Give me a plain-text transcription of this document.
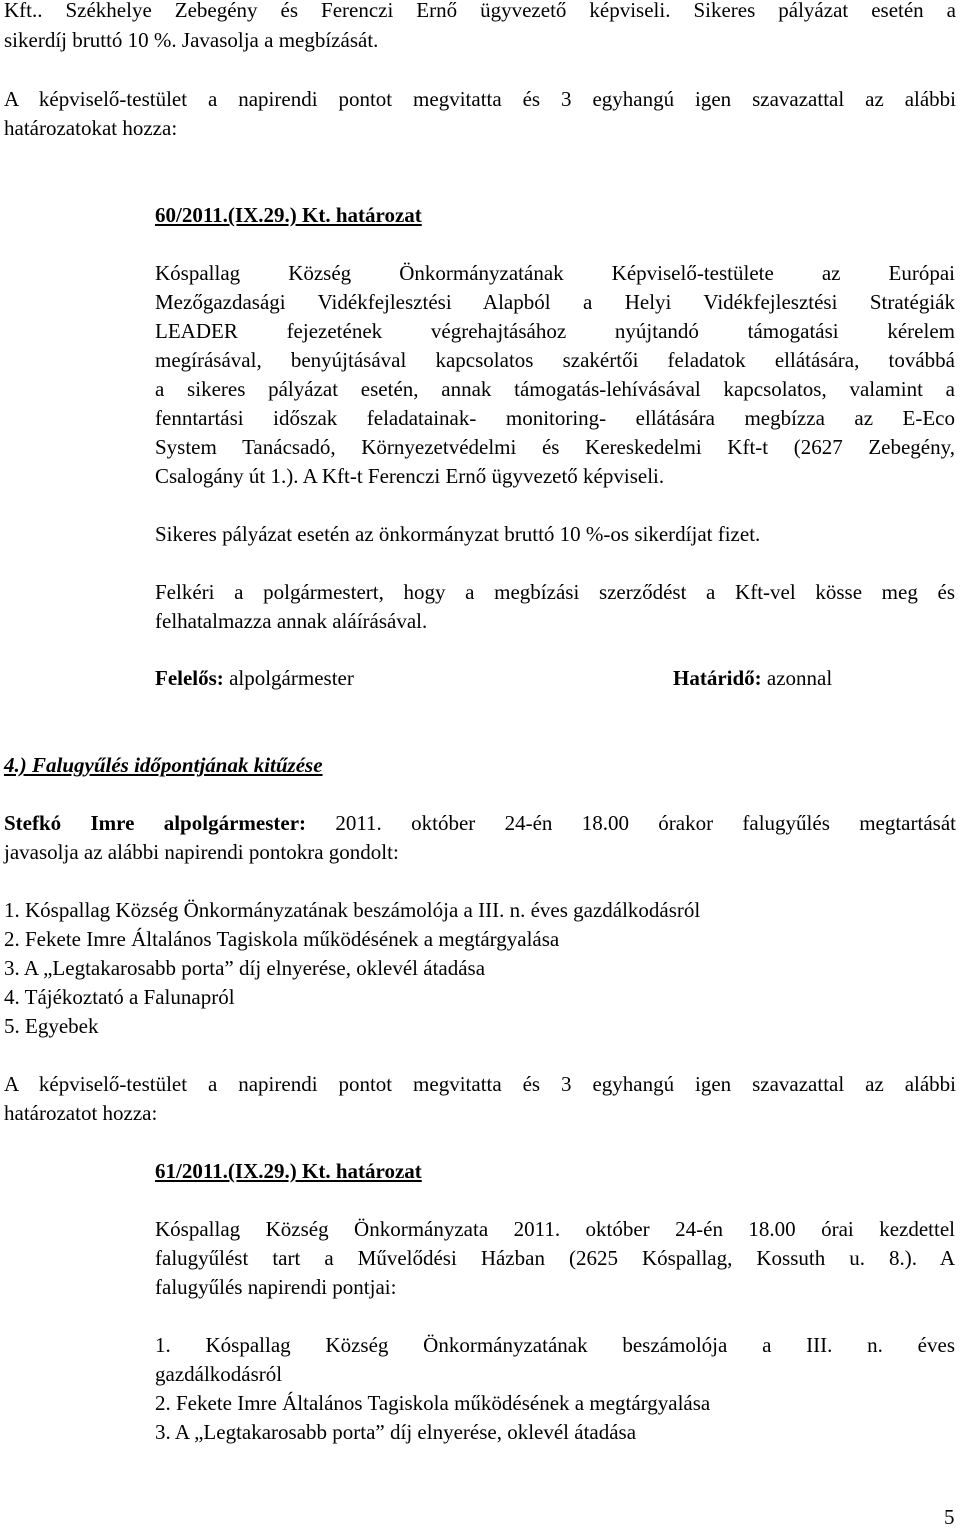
Kft.. Székhelye Zebegény és Ferenczi Ernő ügyvezető képviseli. Sikeres pályázat esetén a
sikerdíj bruttó 10 %. Javasolja a megbízását.
A képviselő-testület a napirendi pontot megvitatta és 3 egyhangú igen szavazattal az alábbi
határozatokat hozza:
60/2011.(IX.29.) Kt. határozat
Kóspallag Község Önkormányzatának Képviselő-testülete az Európai
Mezőgazdasági Vidékfejlesztési Alapból a Helyi Vidékfejlesztési Stratégiák
LEADER fejezetének végrehajtásához nyújtandó támogatási kérelem
megírásával, benyújtásával kapcsolatos szakértői feladatok ellátására, továbbá
a sikeres pályázat esetén, annak támogatás-lehívásával kapcsolatos, valamint a
fenntartási időszak feladatainak- monitoring- ellátására megbízza az E-Eco
System Tanácsadó, Környezetvédelmi és Kereskedelmi Kft-t (2627 Zebegény,
Csalogány út 1.). A Kft-t Ferenczi Ernő ügyvezető képviseli.
Sikeres pályázat esetén az önkormányzat bruttó 10 %-os sikerdíjat fizet.
Felkéri a polgármestert, hogy a megbízási szerződést a Kft-vel kösse meg és
felhatalmazza annak aláírásával.
Felelős: alpolgármester	Határidő: azonnal
4.) Falugyűlés időpontjának kitűzése
Stefkó Imre alpolgármester: 2011. október 24-én 18.00 órakor falugyűlés megtartását
javasolja az alábbi napirendi pontokra gondolt:
1. Kóspallag Község Önkormányzatának beszámolója a III. n. éves gazdálkodásról
2. Fekete Imre Általános Tagiskola működésének a megtárgyalása
3. A „Legtakarosabb porta” díj elnyerése, oklevél átadása
4. Tájékoztató a Falunapról
5. Egyebek
A képviselő-testület a napirendi pontot megvitatta és 3 egyhangú igen szavazattal az alábbi
határozatot hozza:
61/2011.(IX.29.) Kt. határozat
Kóspallag Község Önkormányzata 2011. október 24-én 18.00 órai kezdettel
falugyűlést tart a Művelődési Házban (2625 Kóspallag, Kossuth u. 8.). A
falugyűlés napirendi pontjai:
1. Kóspallag Község Önkormányzatának beszámolója a III. n. éves
gazdálkodásról
2. Fekete Imre Általános Tagiskola működésének a megtárgyalása
3. A „Legtakarosabb porta” díj elnyerése, oklevél átadása
5
